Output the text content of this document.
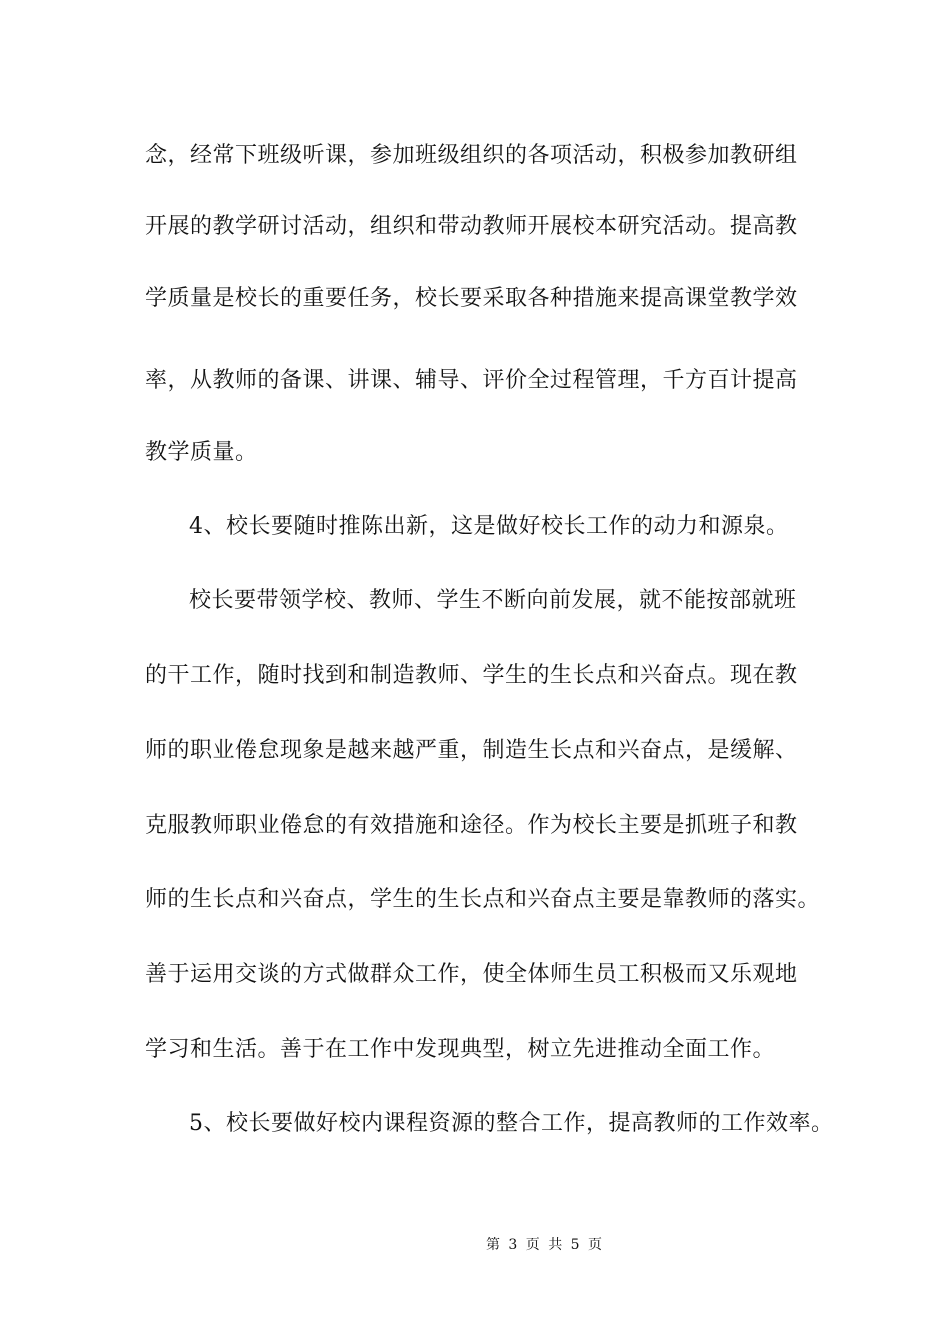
念，经常下班级听课，参加班级组织的各项活动，积极参加教研组
开展的教学研讨活动，组织和带动教师开展校本研究活动。提高教
学质量是校长的重要任务，校长要采取各种措施来提高课堂教学效
率，从教师的备课、讲课、辅导、评价全过程管理，千方百计提高
教学质量。
4、校长要随时推陈出新，这是做好校长工作的动力和源泉。
校长要带领学校、教师、学生不断向前发展，就不能按部就班
的干工作，随时找到和制造教师、学生的生长点和兴奋点。现在教
师的职业倦怠现象是越来越严重，制造生长点和兴奋点，是缓解、
克服教师职业倦怠的有效措施和途径。作为校长主要是抓班子和教
师的生长点和兴奋点，学生的生长点和兴奋点主要是靠教师的落实。
善于运用交谈的方式做群众工作，使全体师生员工积极而又乐观地
学习和生活。善于在工作中发现典型，树立先进推动全面工作。
5、校长要做好校内课程资源的整合工作，提高教师的工作效率。
第 3 页 共 5 页
